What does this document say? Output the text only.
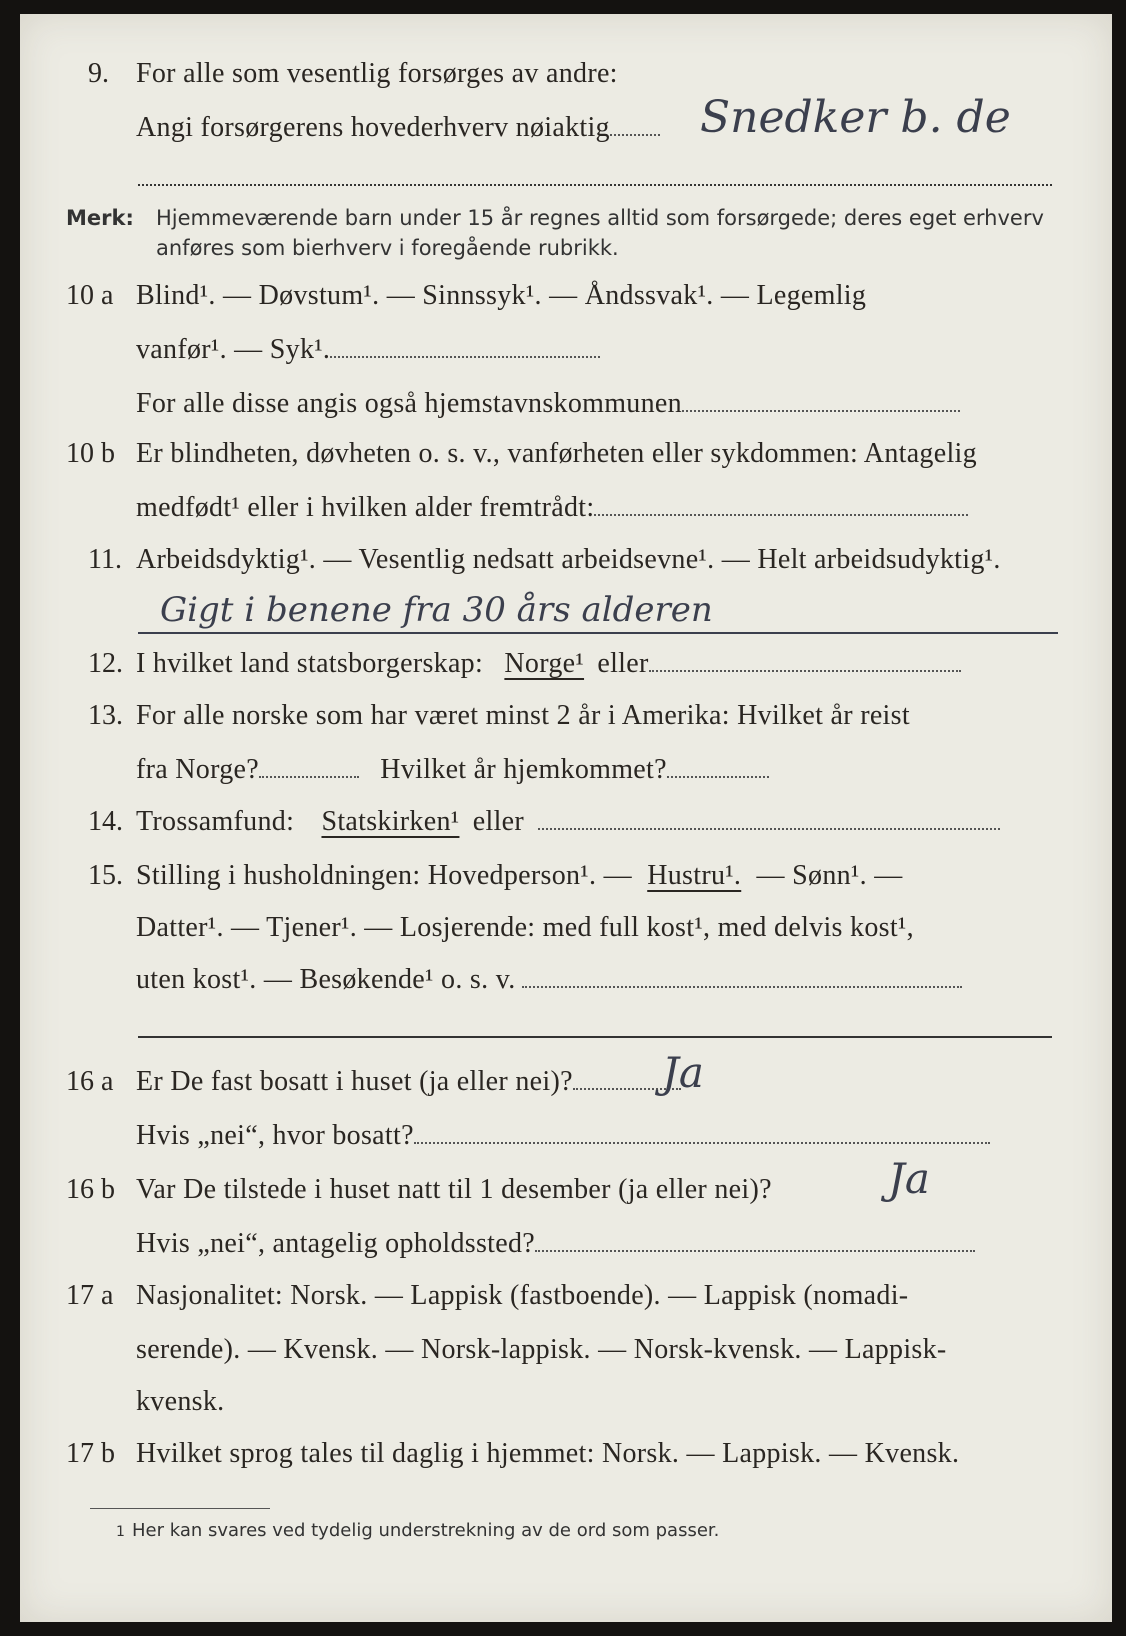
9. For alle som vesentlig forsørges av andre:
Angi forsørgerens hovederhverv nøiaktig	Snedker b. de
Merk: Hjemmeværende barn under 15 år regnes alltid som forsørgede; deres eget erhverv
anføres som bierhverv i foregående rubrikk.
10 a Blind¹. — Døvstum¹. — Sinnssyk¹. — Åndssvak¹. — Legemlig
vanfør¹. — Syk¹.
For alle disse angis også hjemstavnskommunen
10 b Er blindheten, døvheten o. s. v., vanførheten eller sykdommen: Antagelig
medfødt¹ eller i hvilken alder fremtrådt:
11. Arbeidsdyktig¹. — Vesentlig nedsatt arbeidsevne¹. — Helt arbeidsudyktig¹.
Gigt i benene fra 30 års alderen
12. I hvilket land statsborgerskap: Norge¹ eller
13. For alle norske som har været minst 2 år i Amerika: Hvilket år reist
fra Norge?	Hvilket år hjemkommet?
14. Trossamfund: Statskirken¹ eller
15. Stilling i husholdningen: Hovedperson¹. — Hustru¹. — Sønn¹. —
Datter¹. — Tjener¹. — Losjerende: med full kost¹, med delvis kost¹,
uten kost¹. — Besøkende¹ o. s. v.
16 a Er De fast bosatt i huset (ja eller nei)?	Ja
Hvis „nei“, hvor bosatt?
16 b Var De tilstede i huset natt til 1 desember (ja eller nei)?	Ja
Hvis „nei“, antagelig opholdssted?
17 a Nasjonalitet: Norsk. — Lappisk (fastboende). — Lappisk (nomadi-
serende). — Kvensk. — Norsk-lappisk. — Norsk-kvensk. — Lappisk-
kvensk.
17 b Hvilket sprog tales til daglig i hjemmet: Norsk. — Lappisk. — Kvensk.
1 Her kan svares ved tydelig understrekning av de ord som passer.
